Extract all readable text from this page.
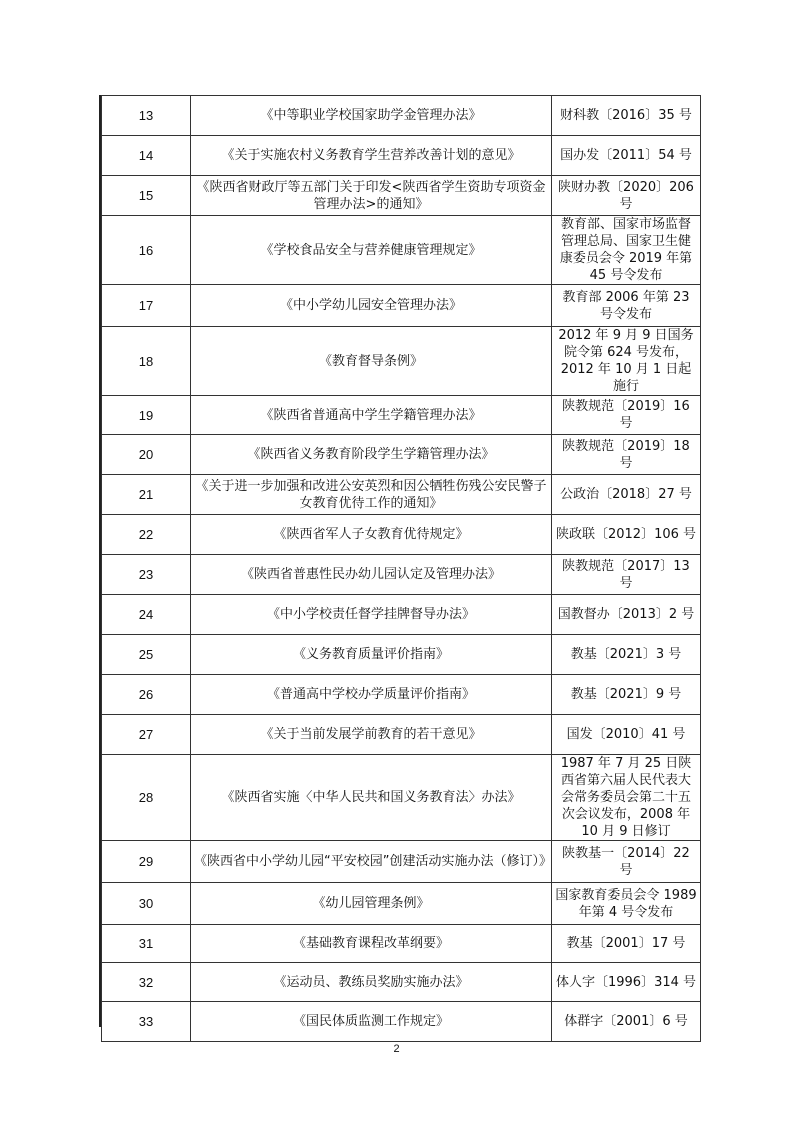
13	《中等职业学校国家助学金管理办法》	财科教〔2016〕35 号
14	《关于实施农村义务教育学生营养改善计划的意见》	国办发〔2011〕54 号
15	《陕西省财政厅等五部门关于印发<陕西省学生资助专项资金管理办法>的通知》	陕财办教〔2020〕206 号
16	《学校食品安全与营养健康管理规定》	教育部、国家市场监督管理总局、国家卫生健康委员会令 2019 年第 45 号令发布
17	《中小学幼儿园安全管理办法》	教育部 2006 年第 23 号令发布
18	《教育督导条例》	2012 年 9 月 9 日国务院令第 624 号发布，2012 年 10 月 1 日起施行
19	《陕西省普通高中学生学籍管理办法》	陕教规范〔2019〕16 号
20	《陕西省义务教育阶段学生学籍管理办法》	陕教规范〔2019〕18 号
21	《关于进一步加强和改进公安英烈和因公牺牲伤残公安民警子女教育优待工作的通知》	公政治〔2018〕27 号
22	《陕西省军人子女教育优待规定》	陕政联〔2012〕106 号
23	《陕西省普惠性民办幼儿园认定及管理办法》	陕教规范〔2017〕13 号
24	《中小学校责任督学挂牌督导办法》	国教督办〔2013〕2 号
25	《义务教育质量评价指南》	教基〔2021〕3 号
26	《普通高中学校办学质量评价指南》	教基〔2021〕9 号
27	《关于当前发展学前教育的若干意见》	国发〔2010〕41 号
28	《陕西省实施〈中华人民共和国义务教育法〉办法》	1987 年 7 月 25 日陕西省第六届人民代表大会常务委员会第二十五次会议发布，2008 年 10 月 9 日修订
29	《陕西省中小学幼儿园“平安校园”创建活动实施办法（修订）》	陕教基一〔2014〕22 号
30	《幼儿园管理条例》	国家教育委员会令 1989 年第 4 号令发布
31	《基础教育课程改革纲要》	教基〔2001〕17 号
32	《运动员、教练员奖励实施办法》	体人字〔1996〕314 号
33	《国民体质监测工作规定》	体群字〔2001〕6 号
2
